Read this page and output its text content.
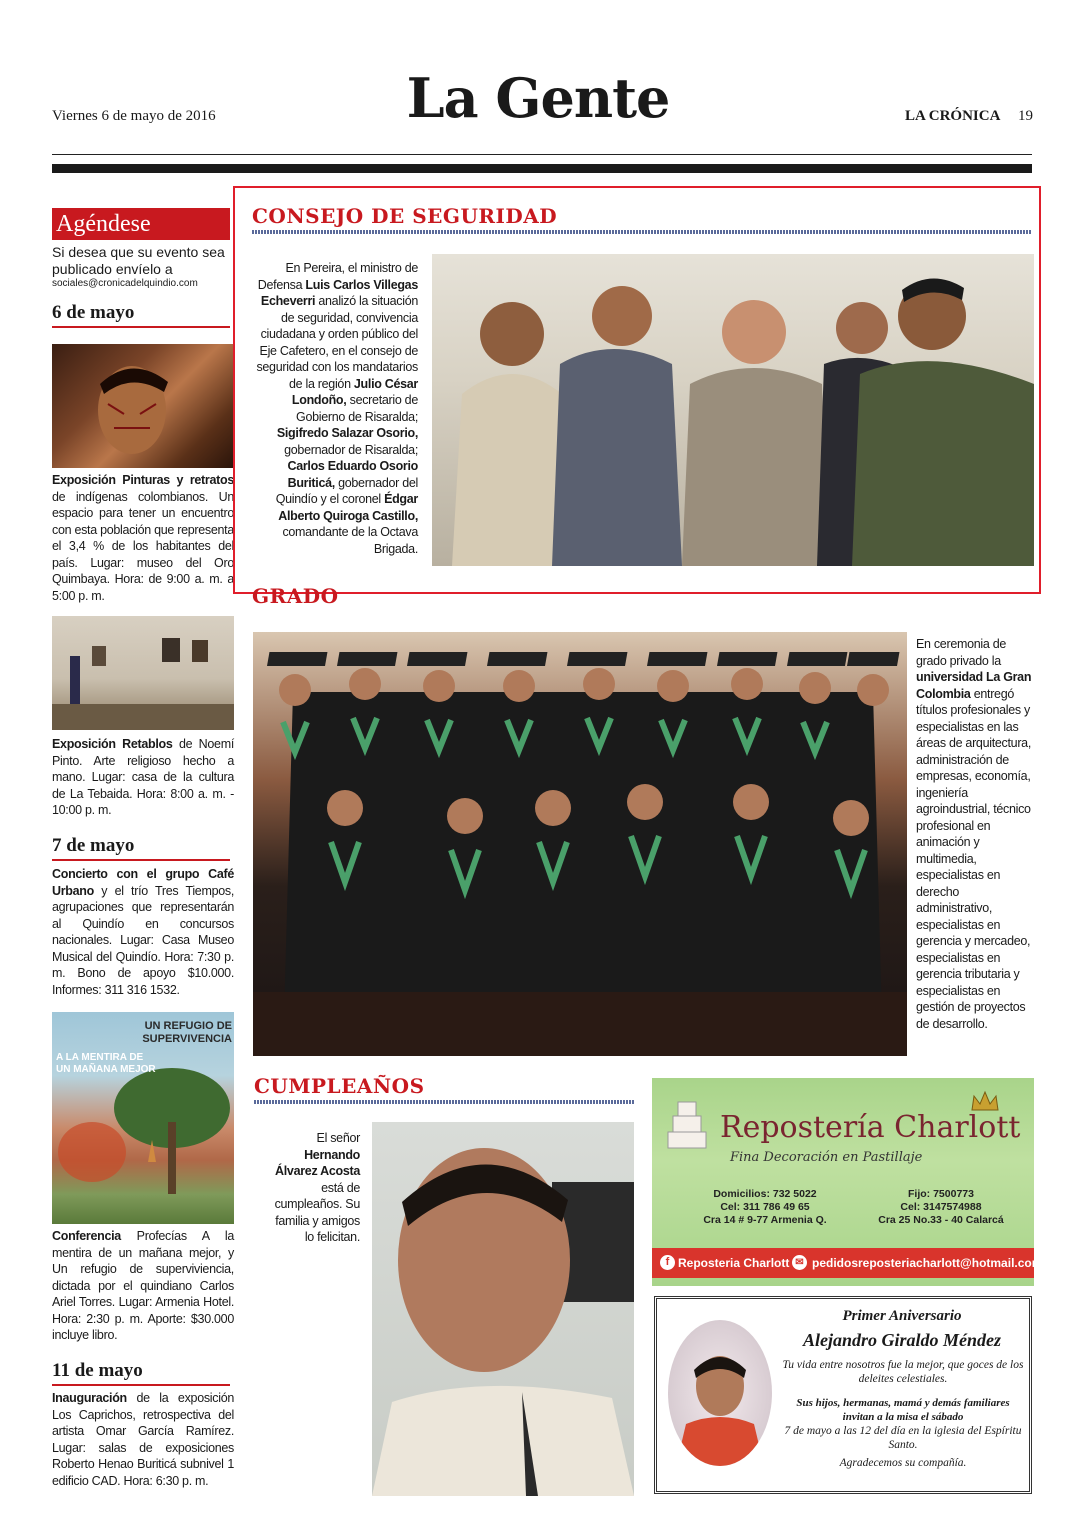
Viernes 6 de mayo de 2016	La Gente	LA CRÓNICA 19
Agéndese
Si desea que su evento sea publicado envíelo a
sociales@cronicadelquindio.com
6 de mayo
Exposición Pinturas y retratos de indígenas colombianos. Un espacio para tener un encuentro con esta población que representa el 3,4 % de los habitantes del país. Lugar: museo del Oro Quimbaya. Hora: de 9:00 a. m. a 5:00 p. m.
Exposición Retablos de Noemí Pinto. Arte religioso hecho a mano. Lugar: casa de la cultura de La Tebaida. Hora: 8:00 a. m. - 10:00 p. m.
7 de mayo
Concierto con el grupo Café Urbano y el trío Tres Tiempos, agrupaciones que representarán al Quindío en concursos nacionales. Lugar: Casa Museo Musical del Quindío. Hora: 7:30 p. m. Bono de apoyo $10.000. Informes: 311 316 1532.
UN REFUGIO DE
SUPERVIVENCIA
A LA MENTIRA DE
UN MAÑANA MEJOR
Conferencia Profecías A la mentira de un mañana mejor, y Un refugio de superviviencia, dictada por el quindiano Carlos Ariel Torres. Lugar: Armenia Hotel. Hora: 2:30 p. m. Aporte: $30.000 incluye libro.
11 de mayo
Inauguración de la exposición Los Caprichos, retrospectiva del artista Omar García Ramírez. Lugar: salas de exposiciones Roberto Henao Buriticá subnivel 1 edificio CAD. Hora: 6:30 p. m.
CONSEJO DE SEGURIDAD
En Pereira, el ministro de Defensa Luis Carlos Villegas Echeverri analizó la situación de seguridad, convivencia ciudadana y orden público del Eje Cafetero, en el consejo de seguridad con los mandatarios de la región Julio César Londoño, secretario de Gobierno de Risaralda; Sigifredo Salazar Osorio, gobernador de Risaralda; Carlos Eduardo Osorio Buriticá, gobernador del Quindío y el coronel Édgar Alberto Quiroga Castillo, comandante de la Octava Brigada.
GRADO
En ceremonia de grado privado la universidad La Gran Colombia entregó títulos profesionales y especialistas en las áreas de arquitectura, administración de empresas, economía, ingeniería agroindustrial, técnico profesional en animación y multimedia, especialistas en derecho administrativo, especialistas en gerencia y mercadeo, especialistas en gerencia tributaria y especialistas en gestión de proyectos de desarrollo.
CUMPLEAÑOS
El señor Hernando Álvarez Acosta está de cumpleaños. Su familia y amigos lo felicitan.
Repostería Charlott
Fina Decoración en Pastillaje
Domicilios: 732 5022
Cel: 311 786 49 65
Cra 14 # 9-77 Armenia Q.
Fijo: 7500773
Cel: 3147574988
Cra 25 No.33 - 40 Calarcá
f Reposteria Charlott ✉ pedidosreposteriacharlott@hotmail.com
Primer Aniversario
Alejandro Giraldo Méndez
Tu vida entre nosotros fue la mejor, que goces de los deleites celestiales.
Sus hijos, hermanas, mamá y demás familiares invitan a la misa el sábado
7 de mayo a las 12 del día en la iglesia del Espíritu Santo.
Agradecemos su compañía.
